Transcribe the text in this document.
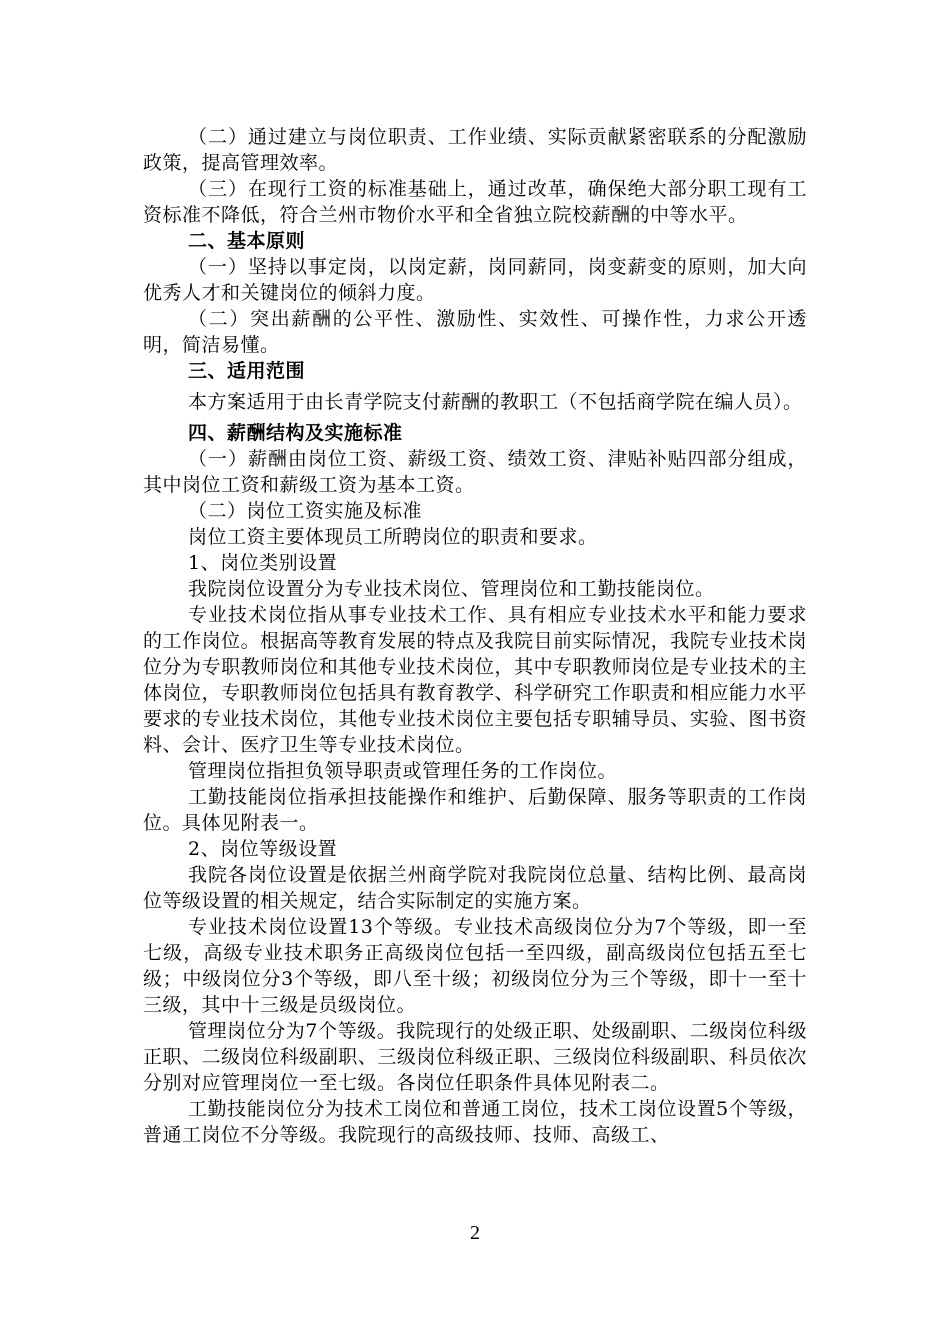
（二）通过建立与岗位职责、工作业绩、实际贡献紧密联系的分配激励政策，提高管理效率。

（三）在现行工资的标准基础上，通过改革，确保绝大部分职工现有工资标准不降低，符合兰州市物价水平和全省独立院校薪酬的中等水平。

二、基本原则

（一）坚持以事定岗，以岗定薪，岗同薪同，岗变薪变的原则，加大向优秀人才和关键岗位的倾斜力度。

（二）突出薪酬的公平性、激励性、实效性、可操作性，力求公开透明，简洁易懂。

三、适用范围

本方案适用于由长青学院支付薪酬的教职工（不包括商学院在编人员）。

四、薪酬结构及实施标准

（一）薪酬由岗位工资、薪级工资、绩效工资、津贴补贴四部分组成，其中岗位工资和薪级工资为基本工资。

（二）岗位工资实施及标准

岗位工资主要体现员工所聘岗位的职责和要求。

1、岗位类别设置

我院岗位设置分为专业技术岗位、管理岗位和工勤技能岗位。

专业技术岗位指从事专业技术工作、具有相应专业技术水平和能力要求的工作岗位。根据高等教育发展的特点及我院目前实际情况，我院专业技术岗位分为专职教师岗位和其他专业技术岗位，其中专职教师岗位是专业技术的主体岗位，专职教师岗位包括具有教育教学、科学研究工作职责和相应能力水平要求的专业技术岗位，其他专业技术岗位主要包括专职辅导员、实验、图书资料、会计、医疗卫生等专业技术岗位。

管理岗位指担负领导职责或管理任务的工作岗位。

工勤技能岗位指承担技能操作和维护、后勤保障、服务等职责的工作岗位。具体见附表一。

2、岗位等级设置

我院各岗位设置是依据兰州商学院对我院岗位总量、结构比例、最高岗位等级设置的相关规定，结合实际制定的实施方案。

专业技术岗位设置13个等级。专业技术高级岗位分为7个等级，即一至七级，高级专业技术职务正高级岗位包括一至四级，副高级岗位包括五至七级；中级岗位分3个等级，即八至十级；初级岗位分为三个等级，即十一至十三级，其中十三级是员级岗位。

管理岗位分为7个等级。我院现行的处级正职、处级副职、二级岗位科级正职、二级岗位科级副职、三级岗位科级正职、三级岗位科级副职、科员依次分别对应管理岗位一至七级。各岗位任职条件具体见附表二。

工勤技能岗位分为技术工岗位和普通工岗位，技术工岗位设置5个等级，普通工岗位不分等级。我院现行的高级技师、技师、高级工、

2
